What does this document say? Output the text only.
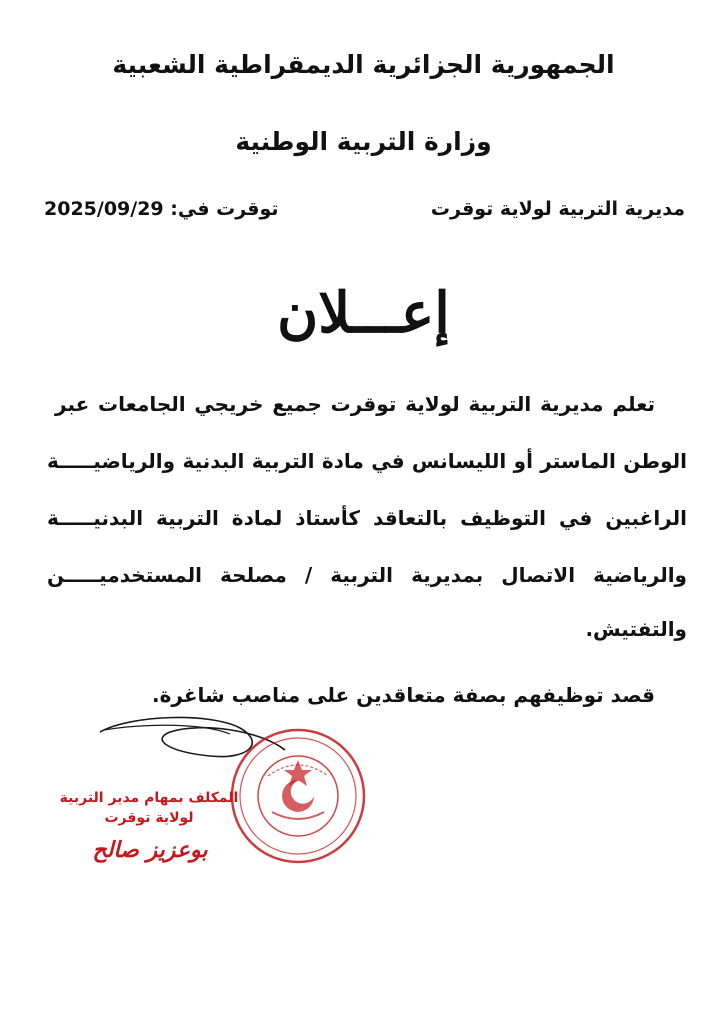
الجمهورية الجزائرية الديمقراطية الشعبية
وزارة التربية الوطنية
مديرية التربية لولاية توقرت
توقرت في: 2025/09/29
إعـــلان
تعلم مديرية التربية لولاية توقرت جميع خريجي الجامعات عبر
الوطن الماستر أو الليسانس في مادة التربية البدنية والرياضيـــــة
الراغبين في التوظيف بالتعاقد كأستاذ لمادة التربية البدنيـــــة
والرياضية الاتصال بمديرية التربية / مصلحة المستخدميـــــن
والتفتيش.
قصد توظيفهم بصفة متعاقدين على مناصب شاغرة.
المكلف بمهام مدير التربية
لولاية توقرت
بوعزيز صالح
